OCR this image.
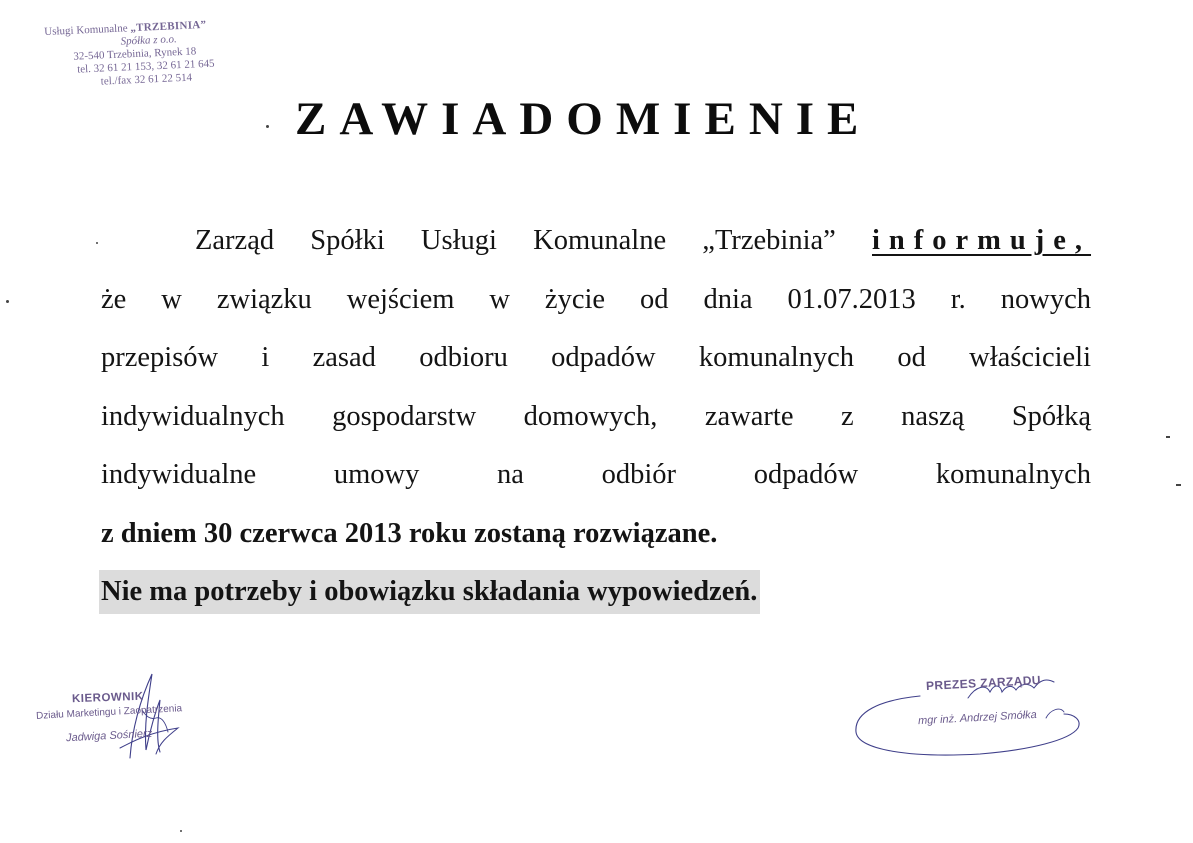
Usługi Komunalne „TRZEBINIA”
Spółka z o.o.
32-540 Trzebinia, Rynek 18
tel. 32 61 21 153, 32 61 21 645
tel./fax 32 61 22 514
ZAWIADOMIENIE
Zarząd Spółki Usługi Komunalne „Trzebinia” informuje,
że w związku wejściem w życie od dnia 01.07.2013 r. nowych
przepisów i zasad odbioru odpadów komunalnych od właścicieli
indywidualnych gospodarstw domowych, zawarte z naszą Spółką
indywidualne umowy na odbiór odpadów komunalnych
z dniem 30 czerwca 2013 roku zostaną rozwiązane.
Nie ma potrzeby i obowiązku składania wypowiedzeń.
KIEROWNIK
Działu Marketingu i Zaopatrzenia
Jadwiga Sośnierz
PREZES ZARZĄDU
mgr inż. Andrzej Smółka
